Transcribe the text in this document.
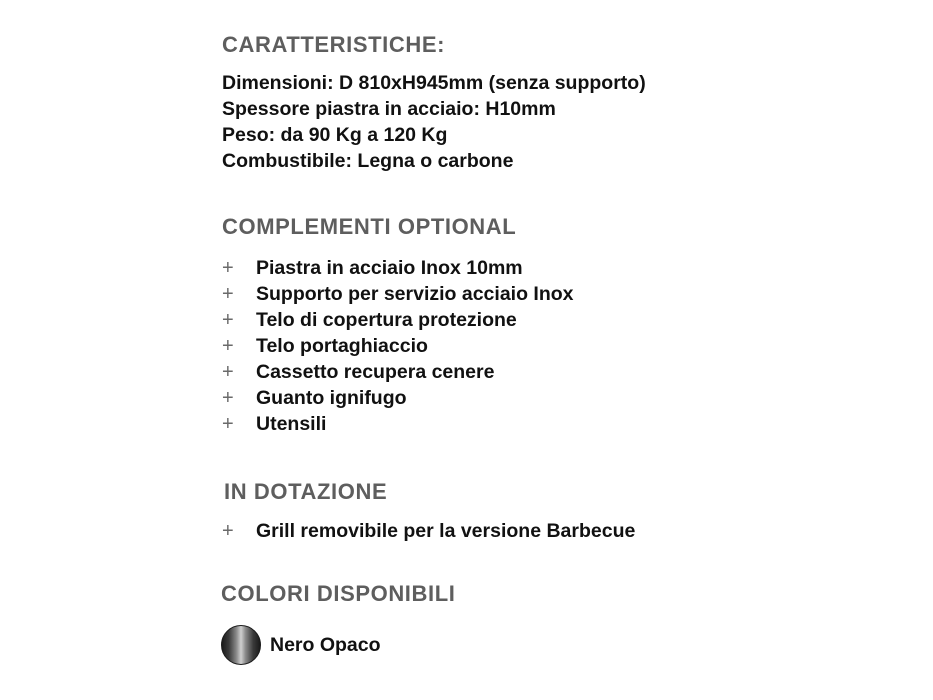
CARATTERISTICHE:
Dimensioni: D 810xH945mm (senza supporto)
Spessore piastra in acciaio: H10mm
Peso: da 90 Kg a 120 Kg
Combustibile: Legna o carbone
COMPLEMENTI OPTIONAL
+	Piastra in acciaio Inox 10mm
+	Supporto per servizio acciaio Inox
+	Telo di copertura protezione
+	Telo portaghiaccio
+	Cassetto recupera cenere
+	Guanto ignifugo
+	Utensili
IN DOTAZIONE
+	Grill removibile per la versione Barbecue
COLORI DISPONIBILI
Nero Opaco
